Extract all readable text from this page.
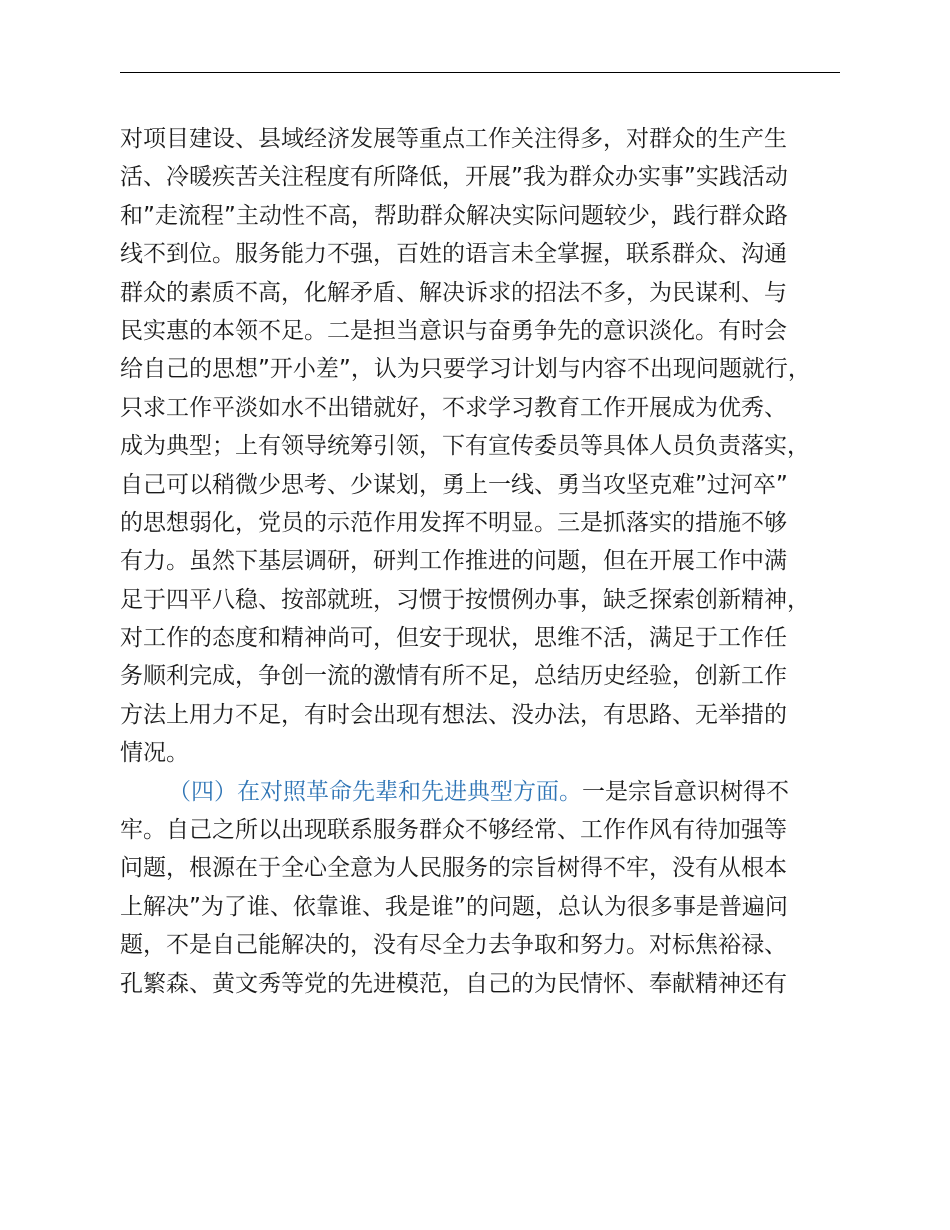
对项目建设、县域经济发展等重点工作关注得多，对群众的生产生
活、冷暖疾苦关注程度有所降低，开展”我为群众办实事”实践活动
和”走流程”主动性不高，帮助群众解决实际问题较少，践行群众路
线不到位。服务能力不强，百姓的语言未全掌握，联系群众、沟通
群众的素质不高，化解矛盾、解决诉求的招法不多，为民谋利、与
民实惠的本领不足。二是担当意识与奋勇争先的意识淡化。有时会
给自己的思想”开小差”，认为只要学习计划与内容不出现问题就行，
只求工作平淡如水不出错就好，不求学习教育工作开展成为优秀、
成为典型；上有领导统筹引领，下有宣传委员等具体人员负责落实，
自己可以稍微少思考、少谋划，勇上一线、勇当攻坚克难”过河卒”
的思想弱化，党员的示范作用发挥不明显。三是抓落实的措施不够
有力。虽然下基层调研，研判工作推进的问题，但在开展工作中满
足于四平八稳、按部就班，习惯于按惯例办事，缺乏探索创新精神，
对工作的态度和精神尚可，但安于现状，思维不活，满足于工作任
务顺利完成，争创一流的激情有所不足，总结历史经验，创新工作
方法上用力不足，有时会出现有想法、没办法，有思路、无举措的
情况。
（四）在对照革命先辈和先进典型方面。一是宗旨意识树得不
牢。自己之所以出现联系服务群众不够经常、工作作风有待加强等
问题，根源在于全心全意为人民服务的宗旨树得不牢，没有从根本
上解决”为了谁、依靠谁、我是谁”的问题，总认为很多事是普遍问
题，不是自己能解决的，没有尽全力去争取和努力。对标焦裕禄、
孔繁森、黄文秀等党的先进模范，自己的为民情怀、奉献精神还有
